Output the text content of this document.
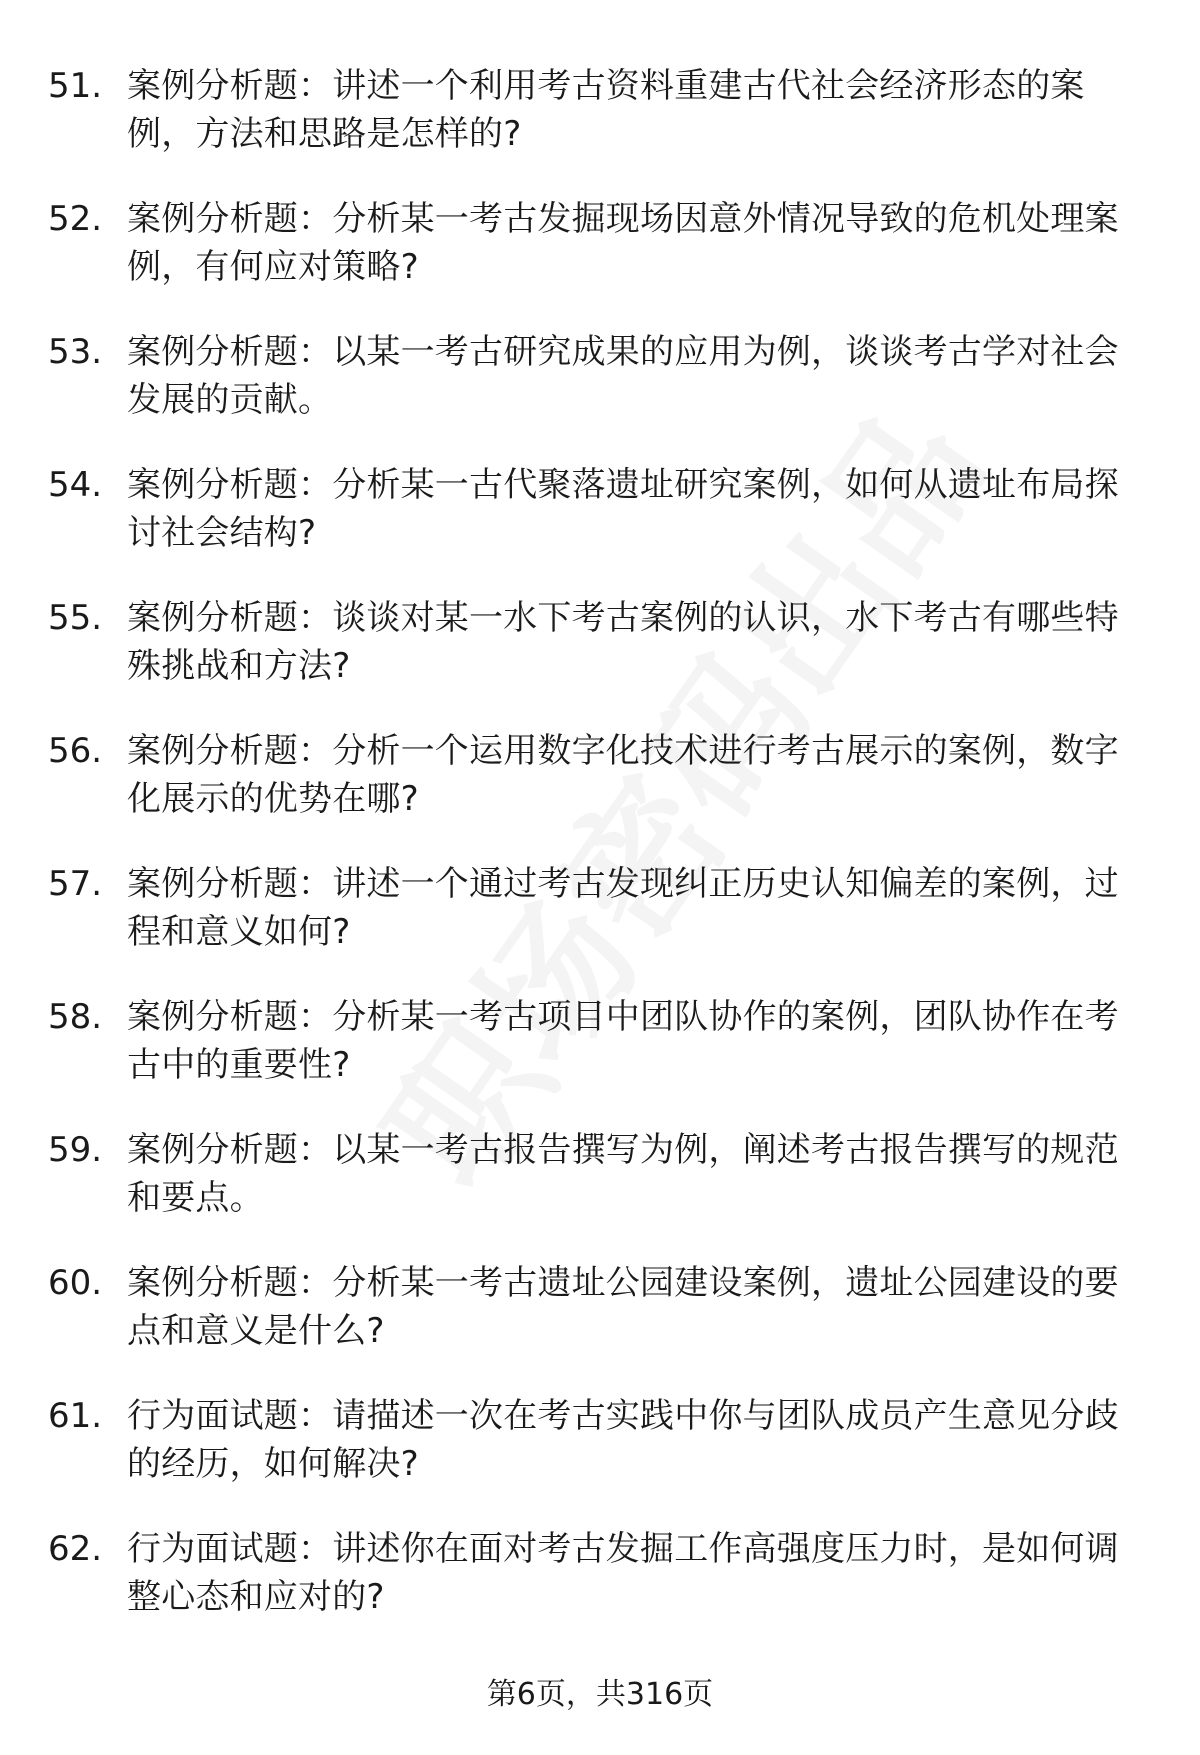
51. 案例分析题：讲述一个利用考古资料重建古代社会经济形态的案例，方法和思路是怎样的?
52. 案例分析题：分析某一考古发掘现场因意外情况导致的危机处理案例，有何应对策略?
53. 案例分析题：以某一考古研究成果的应用为例，谈谈考古学对社会发展的贡献。
54. 案例分析题：分析某一古代聚落遗址研究案例，如何从遗址布局探讨社会结构?
55. 案例分析题：谈谈对某一水下考古案例的认识，水下考古有哪些特殊挑战和方法?
56. 案例分析题：分析一个运用数字化技术进行考古展示的案例，数字化展示的优势在哪?
57. 案例分析题：讲述一个通过考古发现纠正历史认知偏差的案例，过程和意义如何?
58. 案例分析题：分析某一考古项目中团队协作的案例，团队协作在考古中的重要性?
59. 案例分析题：以某一考古报告撰写为例，阐述考古报告撰写的规范和要点。
60. 案例分析题：分析某一考古遗址公园建设案例，遗址公园建设的要点和意义是什么?
61. 行为面试题：请描述一次在考古实践中你与团队成员产生意见分歧的经历，如何解决?
62. 行为面试题：讲述你在面对考古发掘工作高强度压力时，是如何调整心态和应对的?
第6页，共316页
